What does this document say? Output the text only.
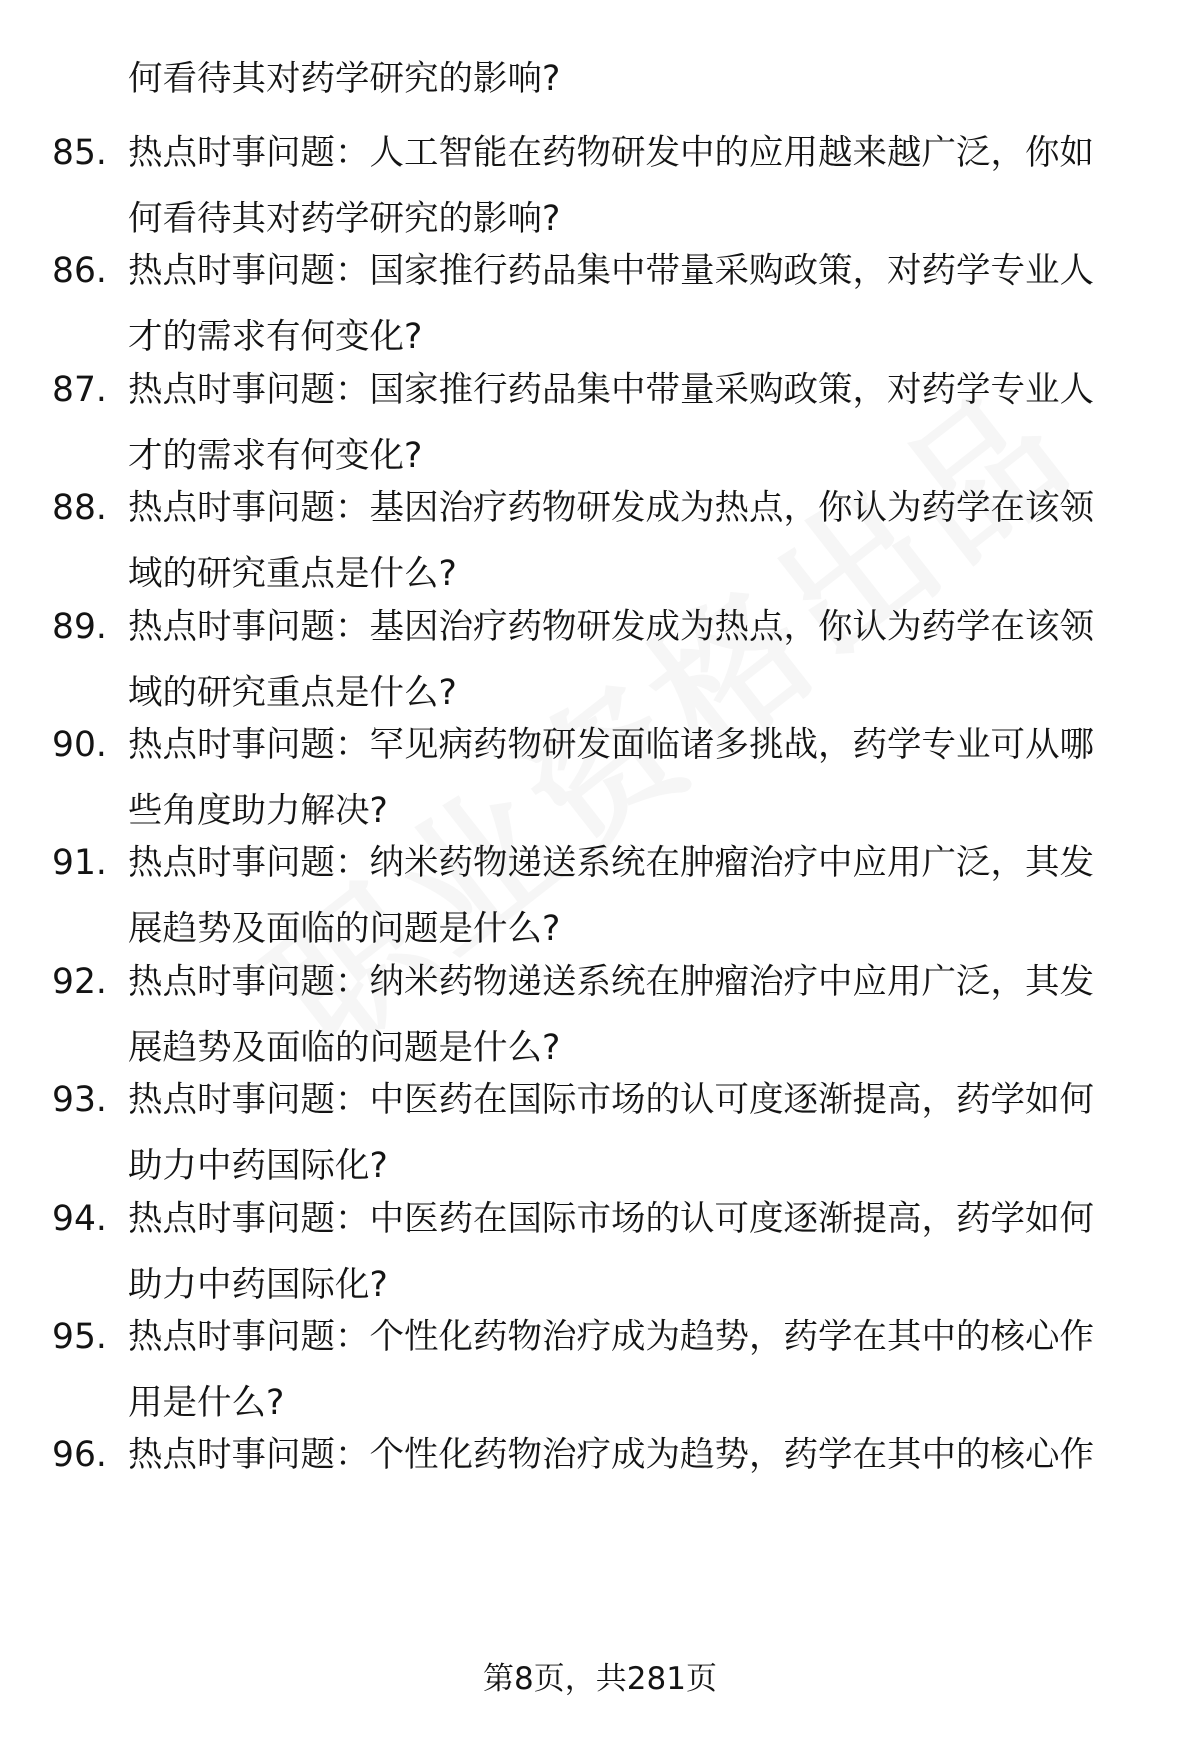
何看待其对药学研究的影响?
85. 热点时事问题：人工智能在药物研发中的应用越来越广泛，你如
何看待其对药学研究的影响?
86. 热点时事问题：国家推行药品集中带量采购政策，对药学专业人
才的需求有何变化?
87. 热点时事问题：国家推行药品集中带量采购政策，对药学专业人
才的需求有何变化?
88. 热点时事问题：基因治疗药物研发成为热点，你认为药学在该领
域的研究重点是什么?
89. 热点时事问题：基因治疗药物研发成为热点，你认为药学在该领
域的研究重点是什么?
90. 热点时事问题：罕见病药物研发面临诸多挑战，药学专业可从哪
些角度助力解决?
91. 热点时事问题：纳米药物递送系统在肿瘤治疗中应用广泛，其发
展趋势及面临的问题是什么?
92. 热点时事问题：纳米药物递送系统在肿瘤治疗中应用广泛，其发
展趋势及面临的问题是什么?
93. 热点时事问题：中医药在国际市场的认可度逐渐提高，药学如何
助力中药国际化?
94. 热点时事问题：中医药在国际市场的认可度逐渐提高，药学如何
助力中药国际化?
95. 热点时事问题：个性化药物治疗成为趋势，药学在其中的核心作
用是什么?
96. 热点时事问题：个性化药物治疗成为趋势，药学在其中的核心作
第8页，共281页
